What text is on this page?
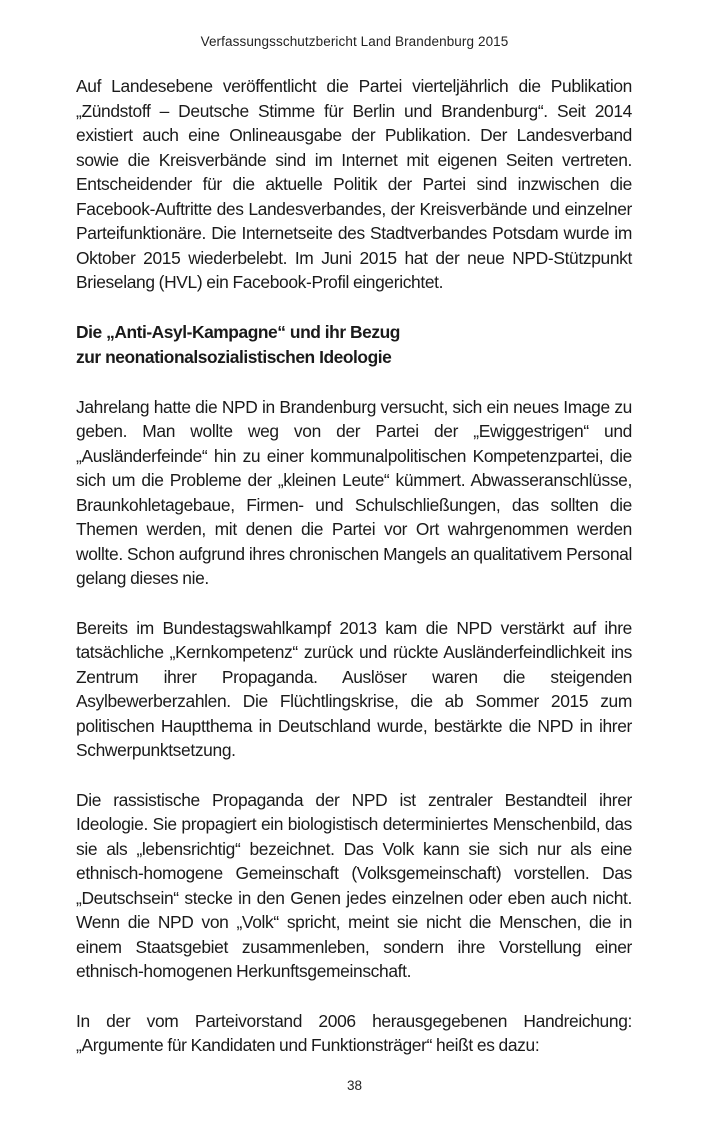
Verfassungsschutzbericht Land Brandenburg 2015

Auf Landesebene veröffentlicht die Partei vierteljährlich die Publikation „Zündstoff – Deutsche Stimme für Berlin und Brandenburg“. Seit 2014 existiert auch eine Onlineausgabe der Publikation. Der Landesverband sowie die Kreisverbände sind im Internet mit eigenen Seiten vertreten. Entscheidender für die aktuelle Politik der Partei sind inzwischen die Facebook-Auftritte des Landesverbandes, der Kreisverbände und einzelner Parteifunktionäre. Die Internetseite des Stadtverbandes Potsdam wurde im Oktober 2015 wiederbelebt. Im Juni 2015 hat der neue NPD-Stützpunkt Brieselang (HVL) ein Facebook-Profil eingerichtet.

Die „Anti-Asyl-Kampagne“ und ihr Bezug
zur neonationalsozialistischen Ideologie

Jahrelang hatte die NPD in Brandenburg versucht, sich ein neues Image zu geben. Man wollte weg von der Partei der „Ewiggestrigen“ und „Ausländerfeinde“ hin zu einer kommunalpolitischen Kompetenzpartei, die sich um die Probleme der „kleinen Leute“ kümmert. Abwasseranschlüsse, Braunkohletagebaue, Firmen- und Schulschließungen, das sollten die Themen werden, mit denen die Partei vor Ort wahrgenommen werden wollte. Schon aufgrund ihres chronischen Mangels an qualitativem Personal gelang dieses nie.

Bereits im Bundestagswahlkampf 2013 kam die NPD verstärkt auf ihre tatsächliche „Kernkompetenz“ zurück und rückte Ausländerfeindlichkeit ins Zentrum ihrer Propaganda. Auslöser waren die steigenden Asylbewerberzahlen. Die Flüchtlingskrise, die ab Sommer 2015 zum politischen Hauptthema in Deutschland wurde, bestärkte die NPD in ihrer Schwerpunktsetzung.

Die rassistische Propaganda der NPD ist zentraler Bestandteil ihrer Ideologie. Sie propagiert ein biologistisch determiniertes Menschenbild, das sie als „lebensrichtig“ bezeichnet. Das Volk kann sie sich nur als eine ethnisch-homogene Gemeinschaft (Volksgemeinschaft) vorstellen. Das „Deutschsein“ stecke in den Genen jedes einzelnen oder eben auch nicht. Wenn die NPD von „Volk“ spricht, meint sie nicht die Menschen, die in einem Staatsgebiet zusammenleben, sondern ihre Vorstellung einer ethnisch-homogenen Herkunftsgemeinschaft.

In der vom Parteivorstand 2006 herausgegebenen Handreichung: „Argumente für Kandidaten und Funktionsträger“ heißt es dazu:

38
